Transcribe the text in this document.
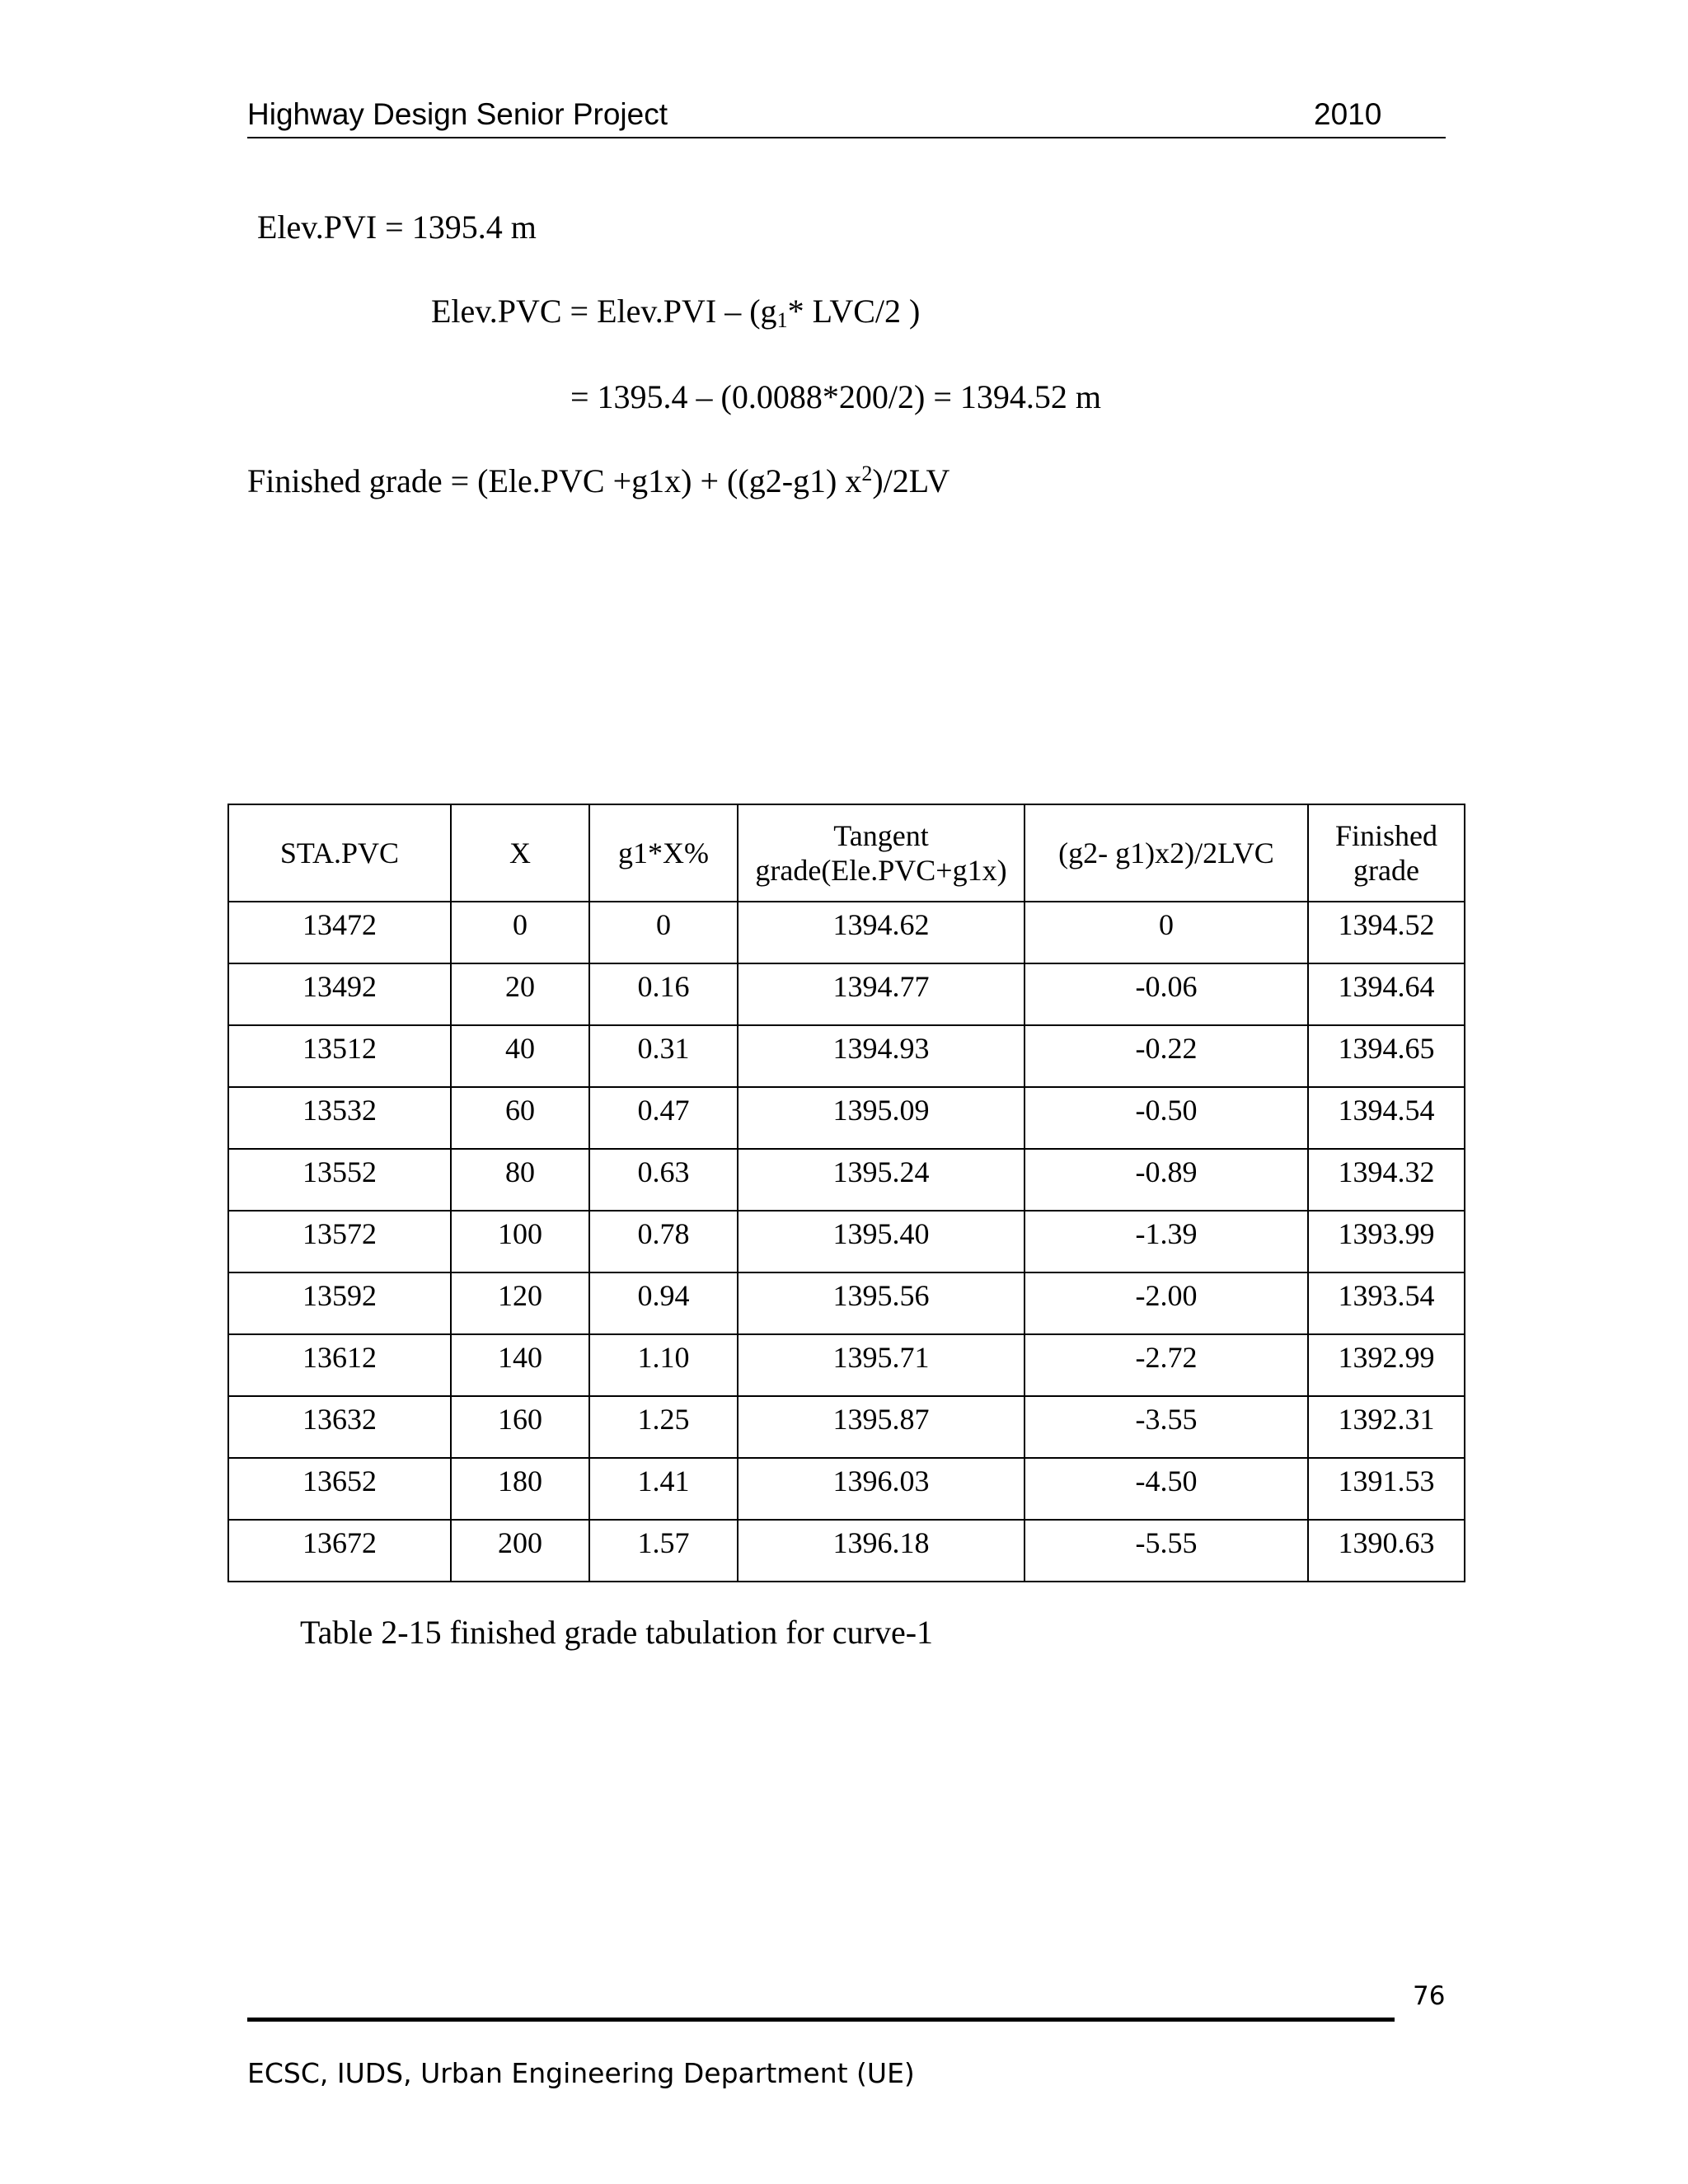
Highway Design Senior Project	2010
Elev.PVI = 1395.4 m
Elev.PVC = Elev.PVI – ($g_1*$ LVC/2 )
= 1395.4 – (0.0088*200/2) = 1394.52 m
Finished grade = (Ele.PVC +g1x) + ((g2-g1) $x^2)/2LV$
STA.PVC	X	g1*X%	Tangent grade(Ele.PVC+g1x)	(g2- g1)x2)/2LVC	Finished grade
13472	0	0	1394.62	0	1394.52
13492	20	0.16	1394.77	-0.06	1394.64
13512	40	0.31	1394.93	-0.22	1394.65
13532	60	0.47	1395.09	-0.50	1394.54
13552	80	0.63	1395.24	-0.89	1394.32
13572	100	0.78	1395.40	-1.39	1393.99
13592	120	0.94	1395.56	-2.00	1393.54
13612	140	1.10	1395.71	-2.72	1392.99
13632	160	1.25	1395.87	-3.55	1392.31
13652	180	1.41	1396.03	-4.50	1391.53
13672	200	1.57	1396.18	-5.55	1390.63
Table 2-15 finished grade tabulation for curve-1
76
ECSC, IUDS, Urban Engineering Department (UE)
